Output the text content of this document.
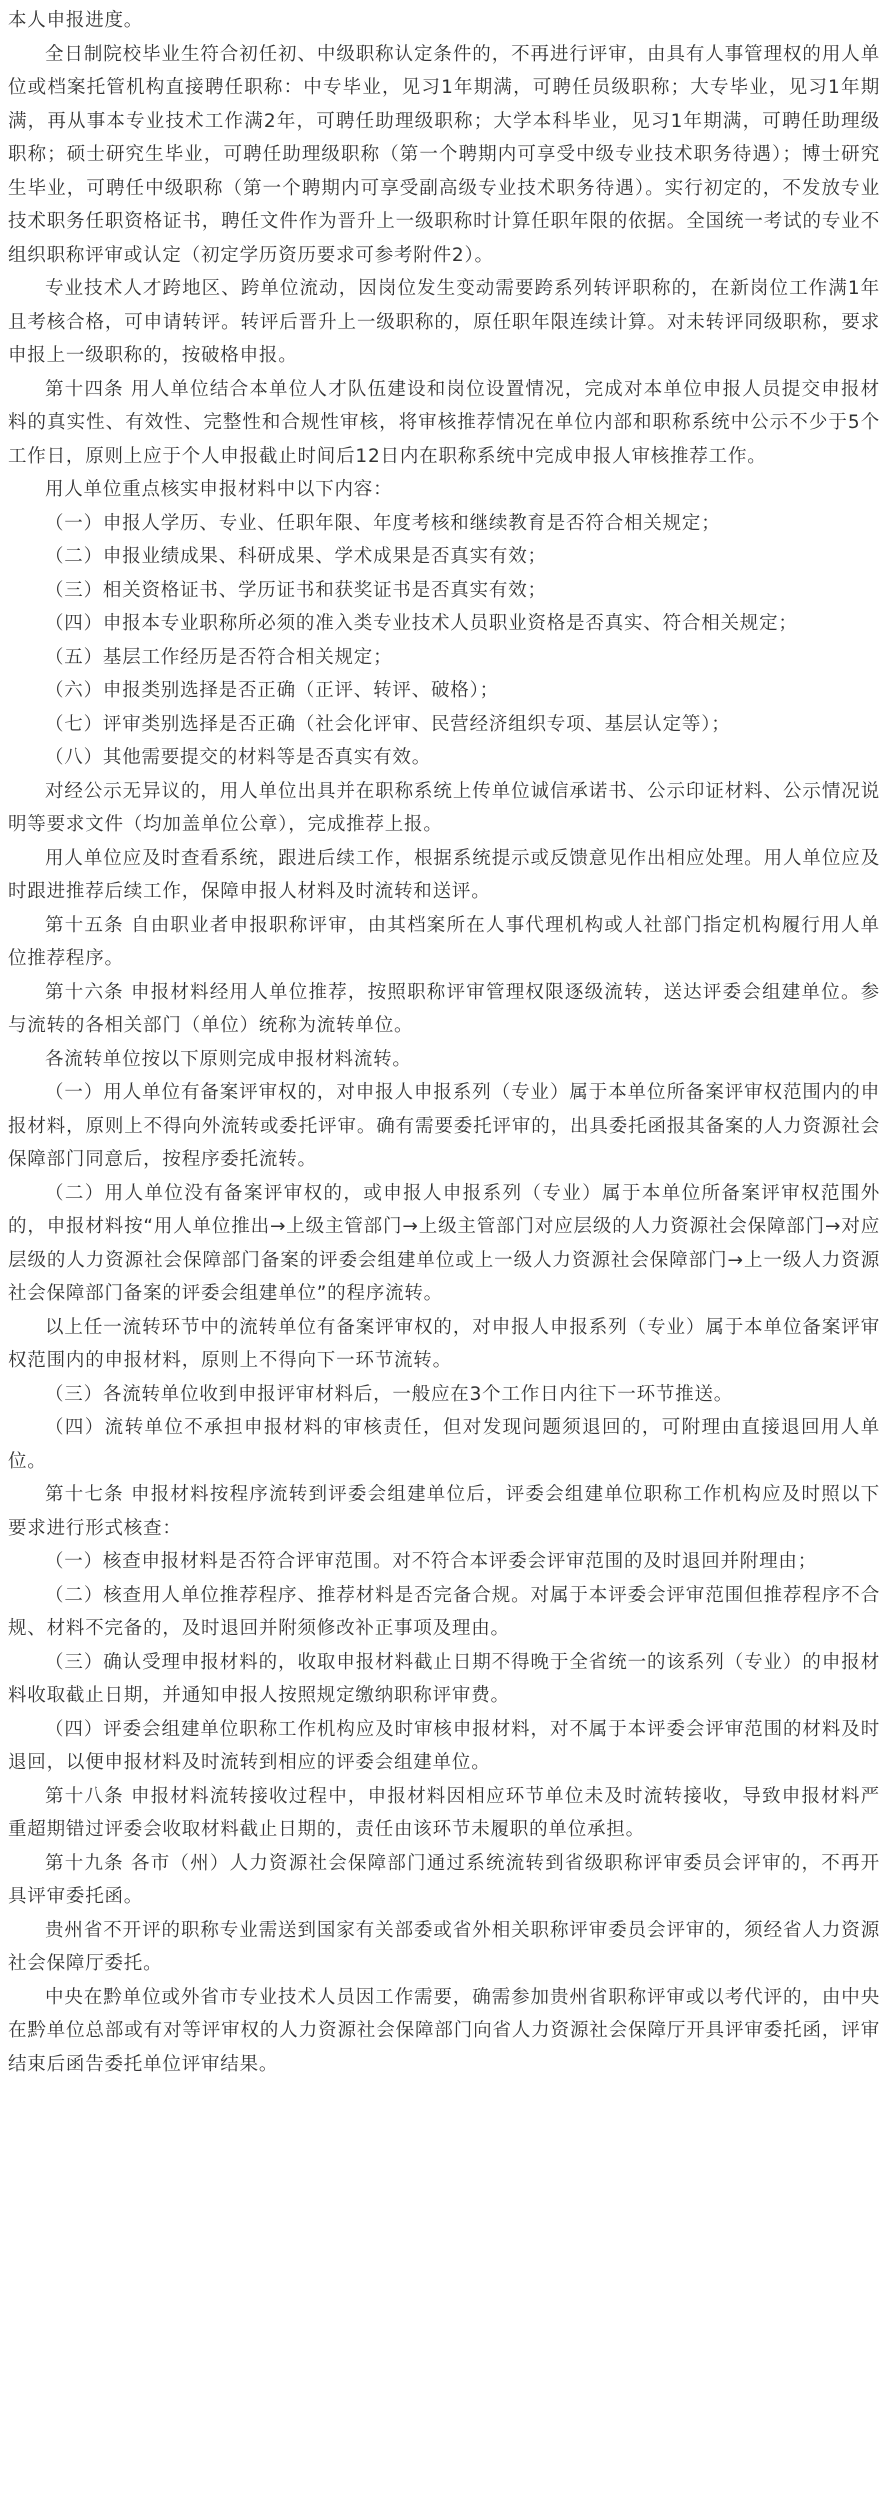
本人申报进度。

全日制院校毕业生符合初任初、中级职称认定条件的，不再进行评审，由具有人事管理权的用人单位或档案托管机构直接聘任职称：中专毕业，见习1年期满，可聘任员级职称；大专毕业，见习1年期满，再从事本专业技术工作满2年，可聘任助理级职称；大学本科毕业，见习1年期满，可聘任助理级职称；硕士研究生毕业，可聘任助理级职称（第一个聘期内可享受中级专业技术职务待遇）；博士研究生毕业，可聘任中级职称（第一个聘期内可享受副高级专业技术职务待遇）。实行初定的，不发放专业技术职务任职资格证书，聘任文件作为晋升上一级职称时计算任职年限的依据。全国统一考试的专业不组织职称评审或认定（初定学历资历要求可参考附件2）。

专业技术人才跨地区、跨单位流动，因岗位发生变动需要跨系列转评职称的，在新岗位工作满1年且考核合格，可申请转评。转评后晋升上一级职称的，原任职年限连续计算。对未转评同级职称，要求申报上一级职称的，按破格申报。

第十四条 用人单位结合本单位人才队伍建设和岗位设置情况，完成对本单位申报人员提交申报材料的真实性、有效性、完整性和合规性审核，将审核推荐情况在单位内部和职称系统中公示不少于5个工作日，原则上应于个人申报截止时间后12日内在职称系统中完成申报人审核推荐工作。

用人单位重点核实申报材料中以下内容：

（一）申报人学历、专业、任职年限、年度考核和继续教育是否符合相关规定；

（二）申报业绩成果、科研成果、学术成果是否真实有效；

（三）相关资格证书、学历证书和获奖证书是否真实有效；

（四）申报本专业职称所必须的准入类专业技术人员职业资格是否真实、符合相关规定；

（五）基层工作经历是否符合相关规定；

（六）申报类别选择是否正确（正评、转评、破格）；

（七）评审类别选择是否正确（社会化评审、民营经济组织专项、基层认定等）；

（八）其他需要提交的材料等是否真实有效。

对经公示无异议的，用人单位出具并在职称系统上传单位诚信承诺书、公示印证材料、公示情况说明等要求文件（均加盖单位公章），完成推荐上报。

用人单位应及时查看系统，跟进后续工作，根据系统提示或反馈意见作出相应处理。用人单位应及时跟进推荐后续工作，保障申报人材料及时流转和送评。

第十五条 自由职业者申报职称评审，由其档案所在人事代理机构或人社部门指定机构履行用人单位推荐程序。

第十六条 申报材料经用人单位推荐，按照职称评审管理权限逐级流转，送达评委会组建单位。参与流转的各相关部门（单位）统称为流转单位。

各流转单位按以下原则完成申报材料流转。

（一）用人单位有备案评审权的，对申报人申报系列（专业）属于本单位所备案评审权范围内的申报材料，原则上不得向外流转或委托评审。确有需要委托评审的，出具委托函报其备案的人力资源社会保障部门同意后，按程序委托流转。

（二）用人单位没有备案评审权的，或申报人申报系列（专业）属于本单位所备案评审权范围外的，申报材料按“用人单位推出→上级主管部门→上级主管部门对应层级的人力资源社会保障部门→对应层级的人力资源社会保障部门备案的评委会组建单位或上一级人力资源社会保障部门→上一级人力资源社会保障部门备案的评委会组建单位”的程序流转。

以上任一流转环节中的流转单位有备案评审权的，对申报人申报系列（专业）属于本单位备案评审权范围内的申报材料，原则上不得向下一环节流转。

（三）各流转单位收到申报评审材料后，一般应在3个工作日内往下一环节推送。

（四）流转单位不承担申报材料的审核责任，但对发现问题须退回的，可附理由直接退回用人单位。

第十七条 申报材料按程序流转到评委会组建单位后，评委会组建单位职称工作机构应及时照以下要求进行形式核查：

（一）核查申报材料是否符合评审范围。对不符合本评委会评审范围的及时退回并附理由；

（二）核查用人单位推荐程序、推荐材料是否完备合规。对属于本评委会评审范围但推荐程序不合规、材料不完备的，及时退回并附须修改补正事项及理由。

（三）确认受理申报材料的，收取申报材料截止日期不得晚于全省统一的该系列（专业）的申报材料收取截止日期，并通知申报人按照规定缴纳职称评审费。

（四）评委会组建单位职称工作机构应及时审核申报材料，对不属于本评委会评审范围的材料及时退回，以便申报材料及时流转到相应的评委会组建单位。

第十八条 申报材料流转接收过程中，申报材料因相应环节单位未及时流转接收，导致申报材料严重超期错过评委会收取材料截止日期的，责任由该环节未履职的单位承担。

第十九条 各市（州）人力资源社会保障部门通过系统流转到省级职称评审委员会评审的，不再开具评审委托函。

贵州省不开评的职称专业需送到国家有关部委或省外相关职称评审委员会评审的，须经省人力资源社会保障厅委托。

中央在黔单位或外省市专业技术人员因工作需要，确需参加贵州省职称评审或以考代评的，由中央在黔单位总部或有对等评审权的人力资源社会保障部门向省人力资源社会保障厅开具评审委托函，评审结束后函告委托单位评审结果。
